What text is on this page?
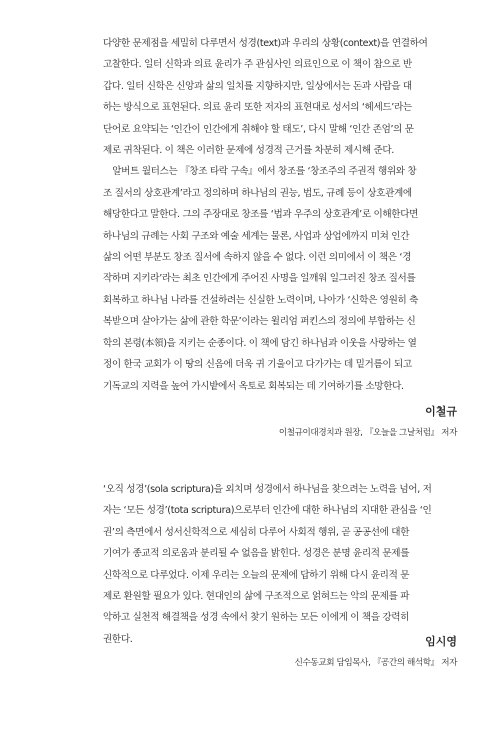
다양한 문제점을 세밀히 다루면서 성경(text)과 우리의 상황(context)을 연결하여

고찰한다. 일터 신학과 의료 윤리가 주 관심사인 의료인으로 이 책이 참으로 반

갑다. 일터 신학은 신앙과 삶의 일치를 지향하지만, 일상에서는 돈과 사람을 대

하는 방식으로 표현된다. 의료 윤리 또한 저자의 표현대로 성서의 ‘헤세드’라는

단어로 요약되는 ‘인간이 인간에게 취해야 할 태도’, 다시 말해 ‘인간 존엄’의 문

제로 귀착된다. 이 책은 이러한 문제에 성경적 근거를 차분히 제시해 준다.

　알버트 월터스는 『창조 타락 구속』에서 창조를 ‘창조주의 주권적 행위와 창

조 질서의 상호관계’라고 정의하며 하나님의 권능, 법도, 규례 등이 상호관계에

해당한다고 말한다. 그의 주장대로 창조를 ‘법과 우주의 상호관계’로 이해한다면

하나님의 규례는 사회 구조와 예술 세계는 물론, 사업과 상업에까지 미쳐 인간

삶의 어떤 부분도 창조 질서에 속하지 않을 수 없다. 이런 의미에서 이 책은 ‘경

작하며 지키라’라는 최초 인간에게 주어진 사명을 일깨워 일그러진 창조 질서를

회복하고 하나님 나라를 건설하려는 신실한 노력이며, 나아가 ‘신학은 영원히 축

복받으며 살아가는 삶에 관한 학문’이라는 윌리엄 퍼킨스의 정의에 부합하는 신

학의 본령(本領)을 지키는 순종이다. 이 책에 담긴 하나님과 이웃을 사랑하는 열

정이 한국 교회가 이 땅의 신음에 더욱 귀 기울이고 다가가는 데 밑거름이 되고

기독교의 지력을 높여 가시밭에서 옥토로 회복되는 데 기여하기를 소망한다.

이철규
이철규이대경치과 원장, 『오늘을 그날처럼』 저자

‘오직 성경’(sola scriptura)을 외치며 성경에서 하나님을 찾으려는 노력을 넘어, 저

자는 ‘모든 성경’(tota scriptura)으로부터 인간에 대한 하나님의 지대한 관심을 ‘인

권’의 측면에서 성서신학적으로 세심히 다루어 사회적 행위, 곧 공공선에 대한

기여가 종교적 의로움과 분리될 수 없음을 밝힌다. 성경은 분명 윤리적 문제를

신학적으로 다루었다. 이제 우리는 오늘의 문제에 답하기 위해 다시 윤리적 문

제로 환원할 필요가 있다. 현대인의 삶에 구조적으로 얽혀드는 악의 문제를 파

악하고 실천적 해결책을 성경 속에서 찾기 원하는 모든 이에게 이 책을 강력히

권한다.	임시영
신수동교회 담임목사, 『공간의 해석학』 저자
